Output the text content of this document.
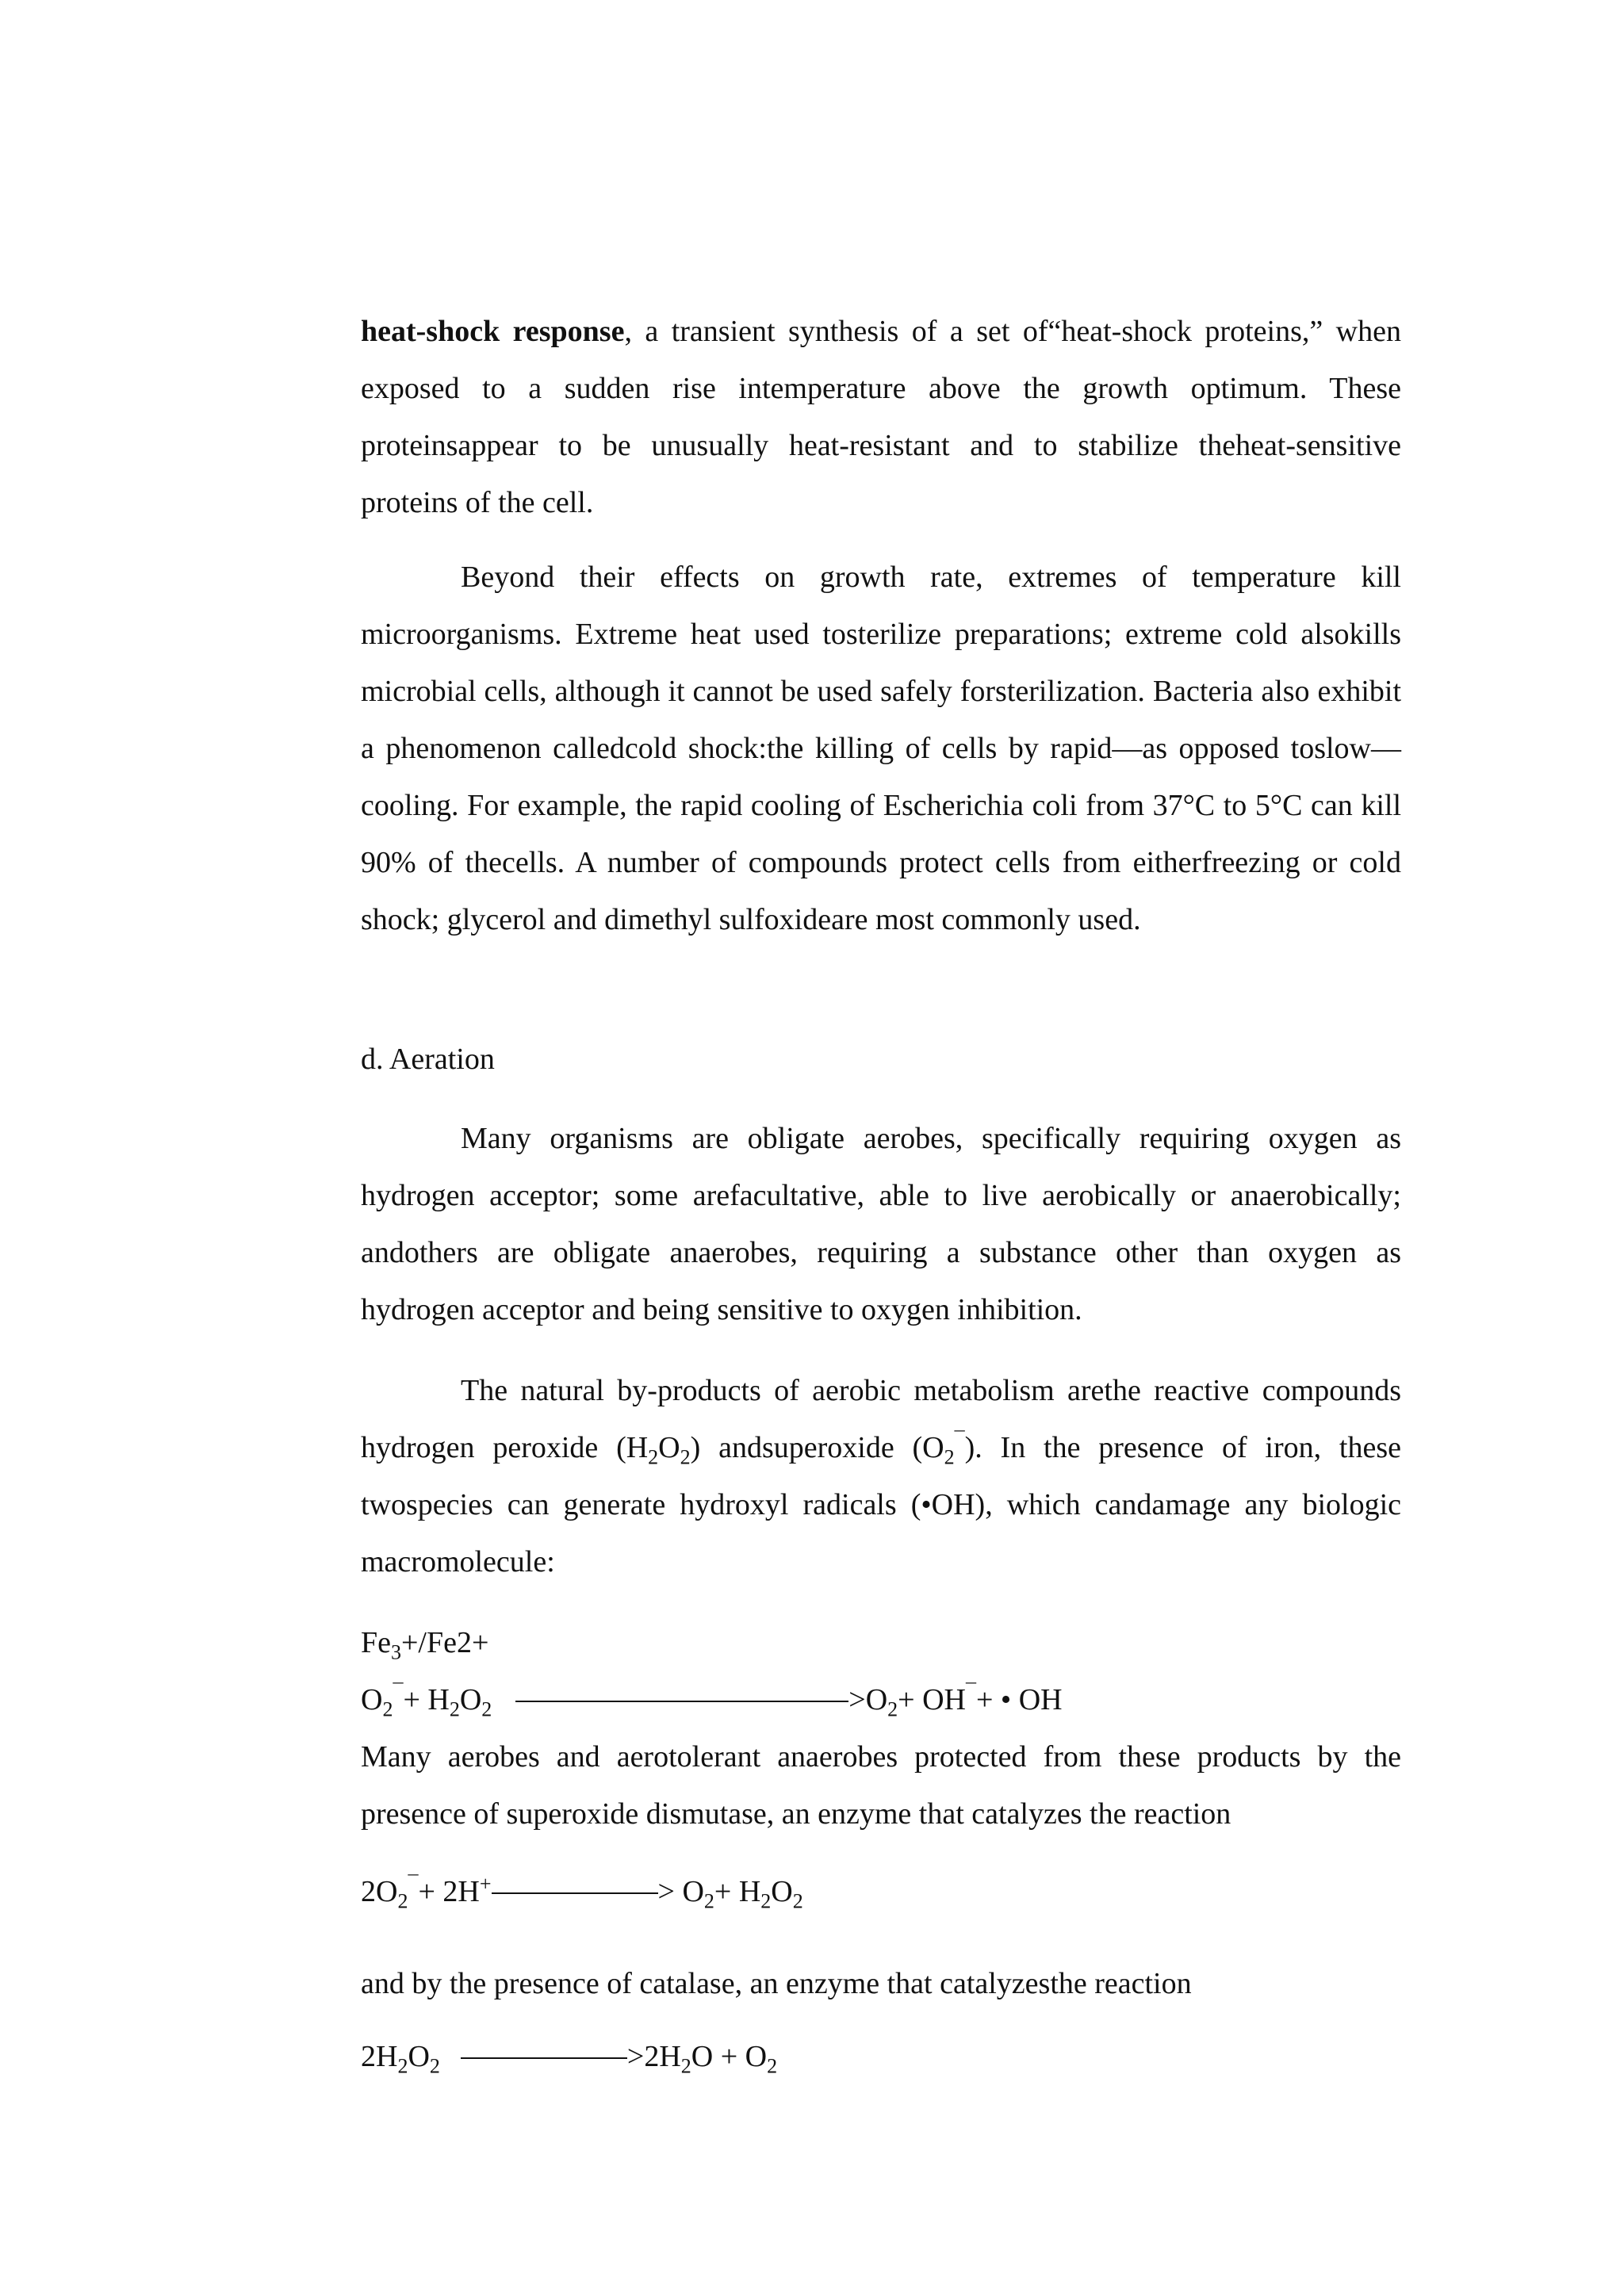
heat-shock response, a transient synthesis of a set of“heat-shock proteins,” when exposed to a sudden rise intemperature above the growth optimum. These proteinsappear to be unusually heat-resistant and to stabilize theheat-sensitive proteins of the cell.

Beyond their effects on growth rate, extremes of temperature kill microorganisms. Extreme heat used tosterilize preparations; extreme cold alsokills microbial cells, although it cannot be used safely forsterilization. Bacteria also exhibit a phenomenon calledcold shock:the killing of cells by rapid—as opposed toslow—cooling. For example, the rapid cooling of Escherichia coli from 37°C to 5°C can kill 90% of thecells. A number of compounds protect cells from eitherfreezing or cold shock; glycerol and dimethyl sulfoxideare most commonly used.

d. Aeration

Many organisms are obligate aerobes, specifically requiring oxygen as hydrogen acceptor; some arefacultative, able to live aerobically or anaerobically; andothers are obligate anaerobes, requiring a substance other than oxygen as hydrogen acceptor and being sensitive to oxygen inhibition.

The natural by-products of aerobic metabolism arethe reactive compounds hydrogen peroxide $(H_2O_2)$ andsuperoxide $(O_2^¯)$. In the presence of iron, these twospecies can generate hydroxyl radicals (•OH), which candamage any biologic macromolecule:

$Fe_3+/Fe2+$

$O_2^¯+ H_2O_2$	$>O_2+ OH^¯+$ • OH

Many aerobes and aerotolerant anaerobes protected from these products by the presence of superoxide dismutase, an enzyme that catalyzes the reaction

$2O_2^¯+ 2H^+$	> $O_2+ H_2O_2$

and by the presence of catalase, an enzyme that catalyzesthe reaction

$2H_2O_2$	$>2H_2O + O_2$
